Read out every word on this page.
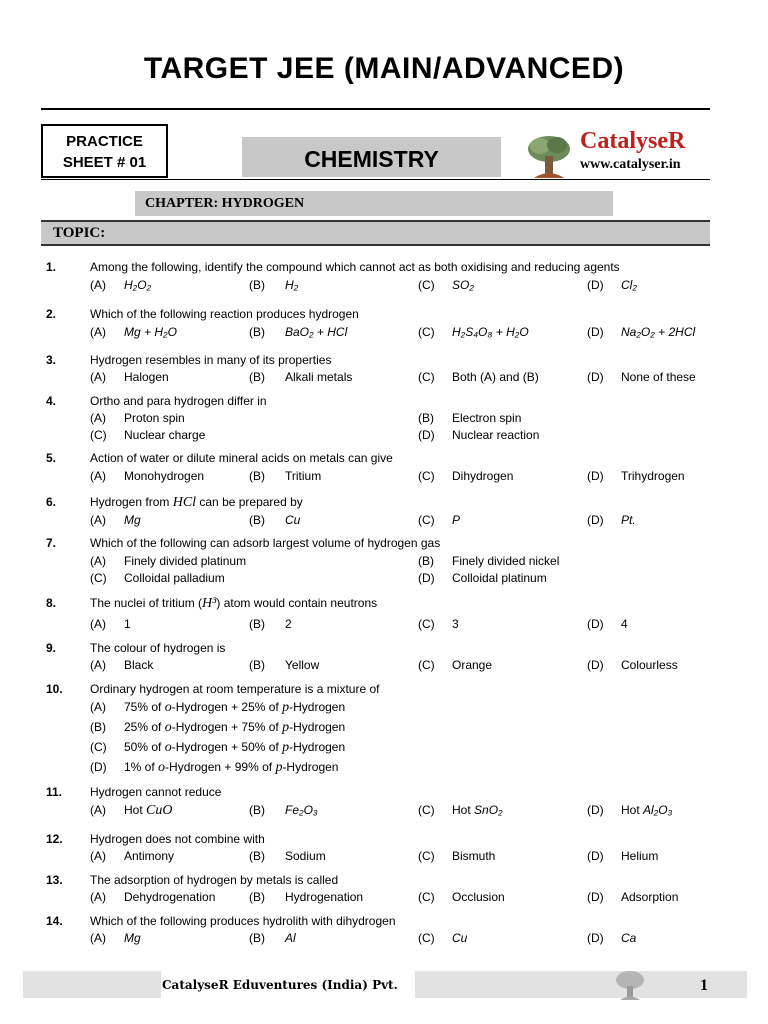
TARGET JEE (MAIN/ADVANCED)
PRACTICE
SHEET # 01	CHEMISTRY
CatalyseR
www.catalyser.in
CHAPTER: HYDROGEN
TOPIC:
1.	Among the following, identify the compound which cannot act as both oxidising and reducing agents
(A) H₂O₂	(B) H₂	(C) SO₂	(D) Cl₂
2.	Which of the following reaction produces hydrogen
(A) Mg + H₂O	(B) BaO₂ + HCl	(C) H₂S₄O₈ + H₂O	(D) Na₂O₂ + 2HCl
3.	Hydrogen resembles in many of its properties
(A) Halogen	(B) Alkali metals	(C) Both (A) and (B)	(D) None of these
4.	Ortho and para hydrogen differ in
(A) Proton spin	(B) Electron spin
(C) Nuclear charge	(D) Nuclear reaction
5.	Action of water or dilute mineral acids on metals can give
(A) Monohydrogen	(B) Tritium	(C) Dihydrogen	(D) Trihydrogen
6.	Hydrogen from HCl can be prepared by
(A) Mg	(B) Cu	(C) P	(D) Pt.
7.	Which of the following can adsorb largest volume of hydrogen gas
(A) Finely divided platinum	(B) Finely divided nickel
(C) Colloidal palladium	(D) Colloidal platinum
8.	The nuclei of tritium (H³) atom would contain neutrons
(A) 1	(B) 2	(C) 3	(D) 4
9.	The colour of hydrogen is
(A) Black	(B) Yellow	(C) Orange	(D) Colourless
10. Ordinary hydrogen at room temperature is a mixture of
(A) 75% of o-Hydrogen + 25% of p-Hydrogen
(B) 25% of o-Hydrogen + 75% of p-Hydrogen
(C) 50% of o-Hydrogen + 50% of p-Hydrogen
(D) 1% of o-Hydrogen + 99% of p-Hydrogen
11. Hydrogen cannot reduce
(A) Hot CuO	(B) Fe₂O₃	(C) Hot SnO₂	(D) Hot Al₂O₃
12. Hydrogen does not combine with
(A) Antimony	(B) Sodium	(C) Bismuth	(D) Helium
13. The adsorption of hydrogen by metals is called
(A) Dehydrogenation	(B) Hydrogenation	(C) Occlusion	(D) Adsorption
14. Which of the following produces hydrolith with dihydrogen
(A) Mg	(B) Al	(C) Cu	(D) Ca
CatalyseR Eduventures (India) Pvt.	1
